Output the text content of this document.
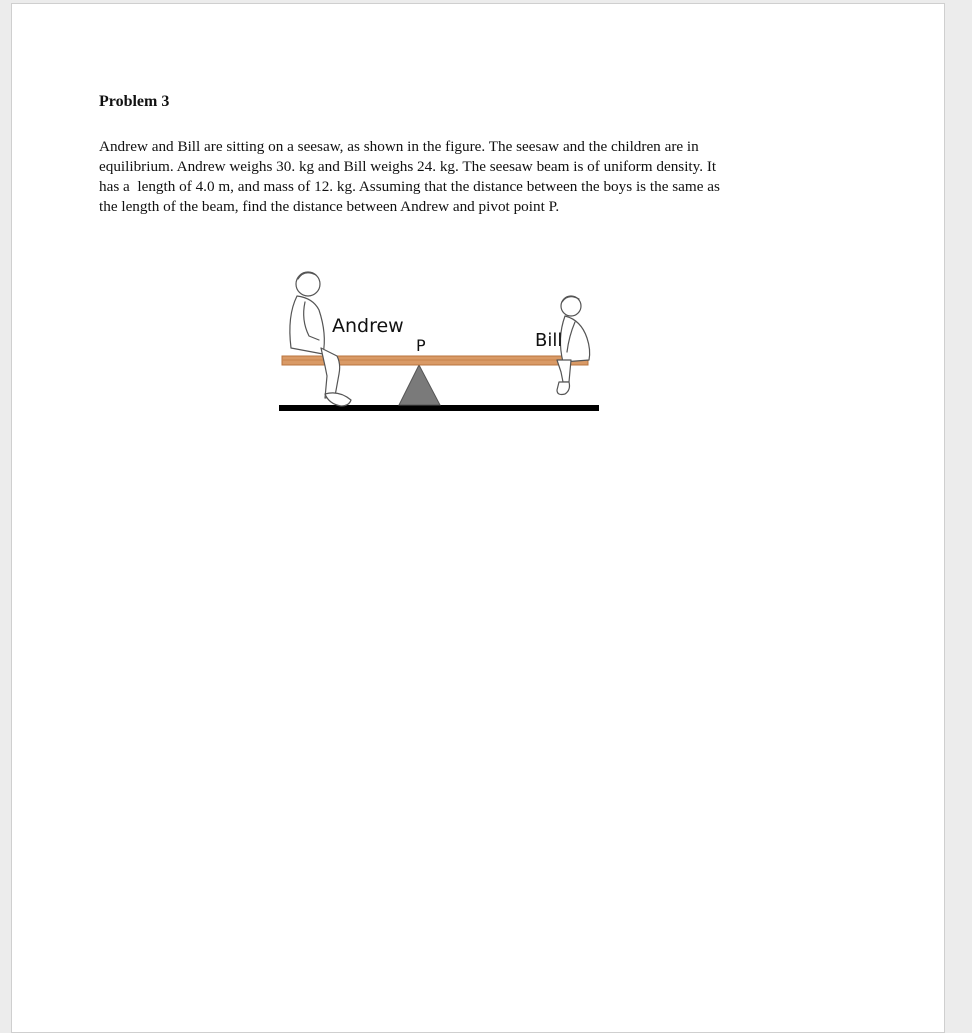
Problem 3

Andrew and Bill are sitting on a seesaw, as shown in the figure. The seesaw and the children are in
equilibrium. Andrew weighs 30. kg and Bill weighs 24. kg. The seesaw beam is of uniform density. It
has a  length of 4.0 m, and mass of 12. kg. Assuming that the distance between the boys is the same as
the length of the beam, find the distance between Andrew and pivot point P.

Andrew
P	Bill
